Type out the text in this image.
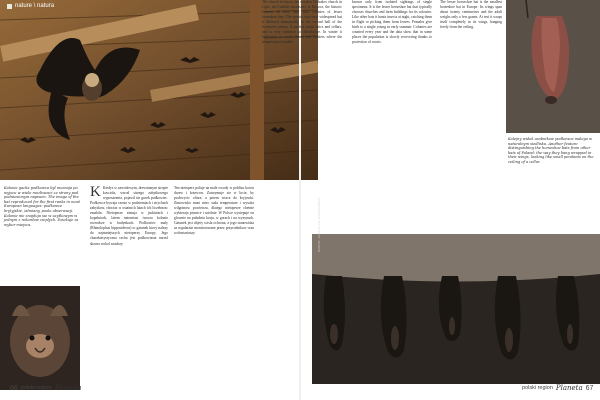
nature \ natura
Kolonie gacka podkowca byl moznaja po wyjscu w wiele mozliwosci ze strony pod podniesionym napisem. The image of the bat reproduced for the first ranks in most European languages: podkowce brytyjskie, odmiany, poolo obserwacji. Kolonie nie znajduja sie w uzytkowym w jednym z rekordow cieplych. Dziekuje za wybor miejsca.

K Kiedys w zawodowym, drewnianym stropie kosciola, wsrod starego zabytkowego wyposazenia, pojawil sie gacek podkowiec. Podkowce bywaja czesto w podziemiach i strychach zabytkow, chociaz w ostatnich latach ich liczebnosc zmalala. Nietoperze zimuja w jaskiniach i kopalniach, latem natomiast tworza kolonie rozrodcze w budynkach. Podkowiec maly (Rhinolophus hipposideros) to gatunek ktory nalezy do najmniejszych nietoperzy Europy. Jego charakterystyczna cecha jest podkowiasta narosl skorna wokol nozdrzy.

Ten nietoperz poluje na male owady w poblizu koron drzew i krzewow. Zatrzymuje sie w locie, by pochwycic ofiare, a potem wraca do kryjowki. Zimowisko musi miec stala temperature i wysoka wilgotnosc powietrza, dlatego nietoperze chetnie wybieraja piwnice i sztolnie. W Polsce wystepuje on glownie na poludniu kraju, w gorach i na wyzynach. Gatunek jest objety scisla ochrona, a jego stanowiska sa regularnie monitorowane przez przyrodnikow oraz wolontariuszy.

The church in Jawor, the wooden Orthodox church in Lipie, the Catholic monastery in Bieszcz, the historic fortress all have their own colonies of lesser horseshoe bats. The species was once widespread but it declined dramatically in the second half of the twentieth century. It prefers warm attics and cellars, and is very sensitive to disturbance. In winter it hibernates in caves, mines and bunkers where the temperature is stable.

known only from isolated sightings of single specimens. It is the lesser horseshoe bat that typically chooses churches and farm buildings for its colonies. Like other bats it hunts insects at night, catching them in flight or picking them from leaves. Females give birth to a single young in early summer. Colonies are counted every year and the data show that in some places the population is slowly recovering thanks to protection of roosts.

The lesser horseshoe bat is the smallest horseshoe bat in Europe. Its wings span about twenty centimetres and the adult weighs only a few grams. At rest it wraps itself completely in its wings, hanging freely from the ceiling.

Kolejny widok osobnikow podkowca malego w naturalnym siedlisku. Another feature distinguishing the horseshoe bats from other bats of Poland: the way they hang wrapped in their wings, looking like small pendants on the ceiling of a cellar.
PHOTO: JAROSLAW WIECKOWSKI
66 polski region Planeta	polski region Planeta 67
